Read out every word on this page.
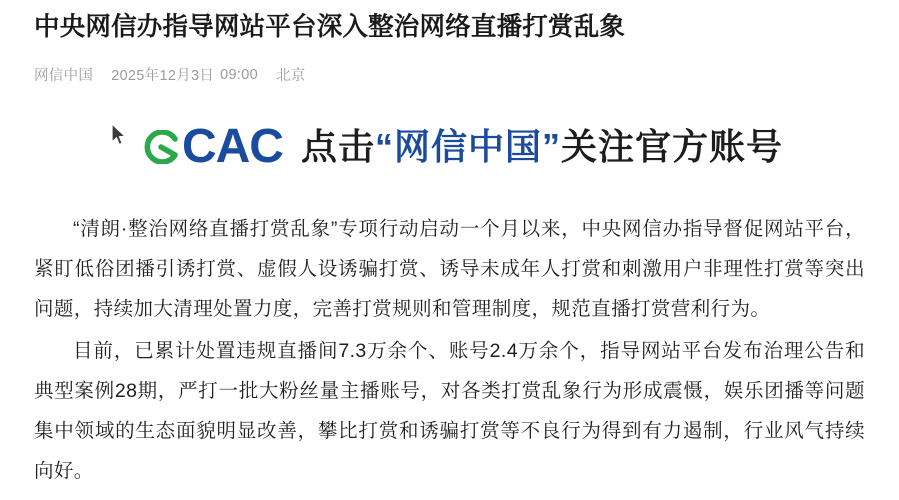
中央网信办指导网站平台深入整治网络直播打赏乱象
网信中国 2025年12月3日 09:00 北京
CAC 点击“网信中国”关注官方账号

“清朗·整治网络直播打赏乱象”专项行动启动一个月以来，中央网信办指导督促网站平台，紧盯低俗团播引诱打赏、虚假人设诱骗打赏、诱导未成年人打赏和刺激用户非理性打赏等突出问题，持续加大清理处置力度，完善打赏规则和管理制度，规范直播打赏营利行为。

目前，已累计处置违规直播间7.3万余个、账号2.4万余个，指导网站平台发布治理公告和典型案例28期，严打一批大粉丝量主播账号，对各类打赏乱象行为形成震慑，娱乐团播等问题集中领域的生态面貌明显改善，攀比打赏和诱骗打赏等不良行为得到有力遏制，行业风气持续向好。
